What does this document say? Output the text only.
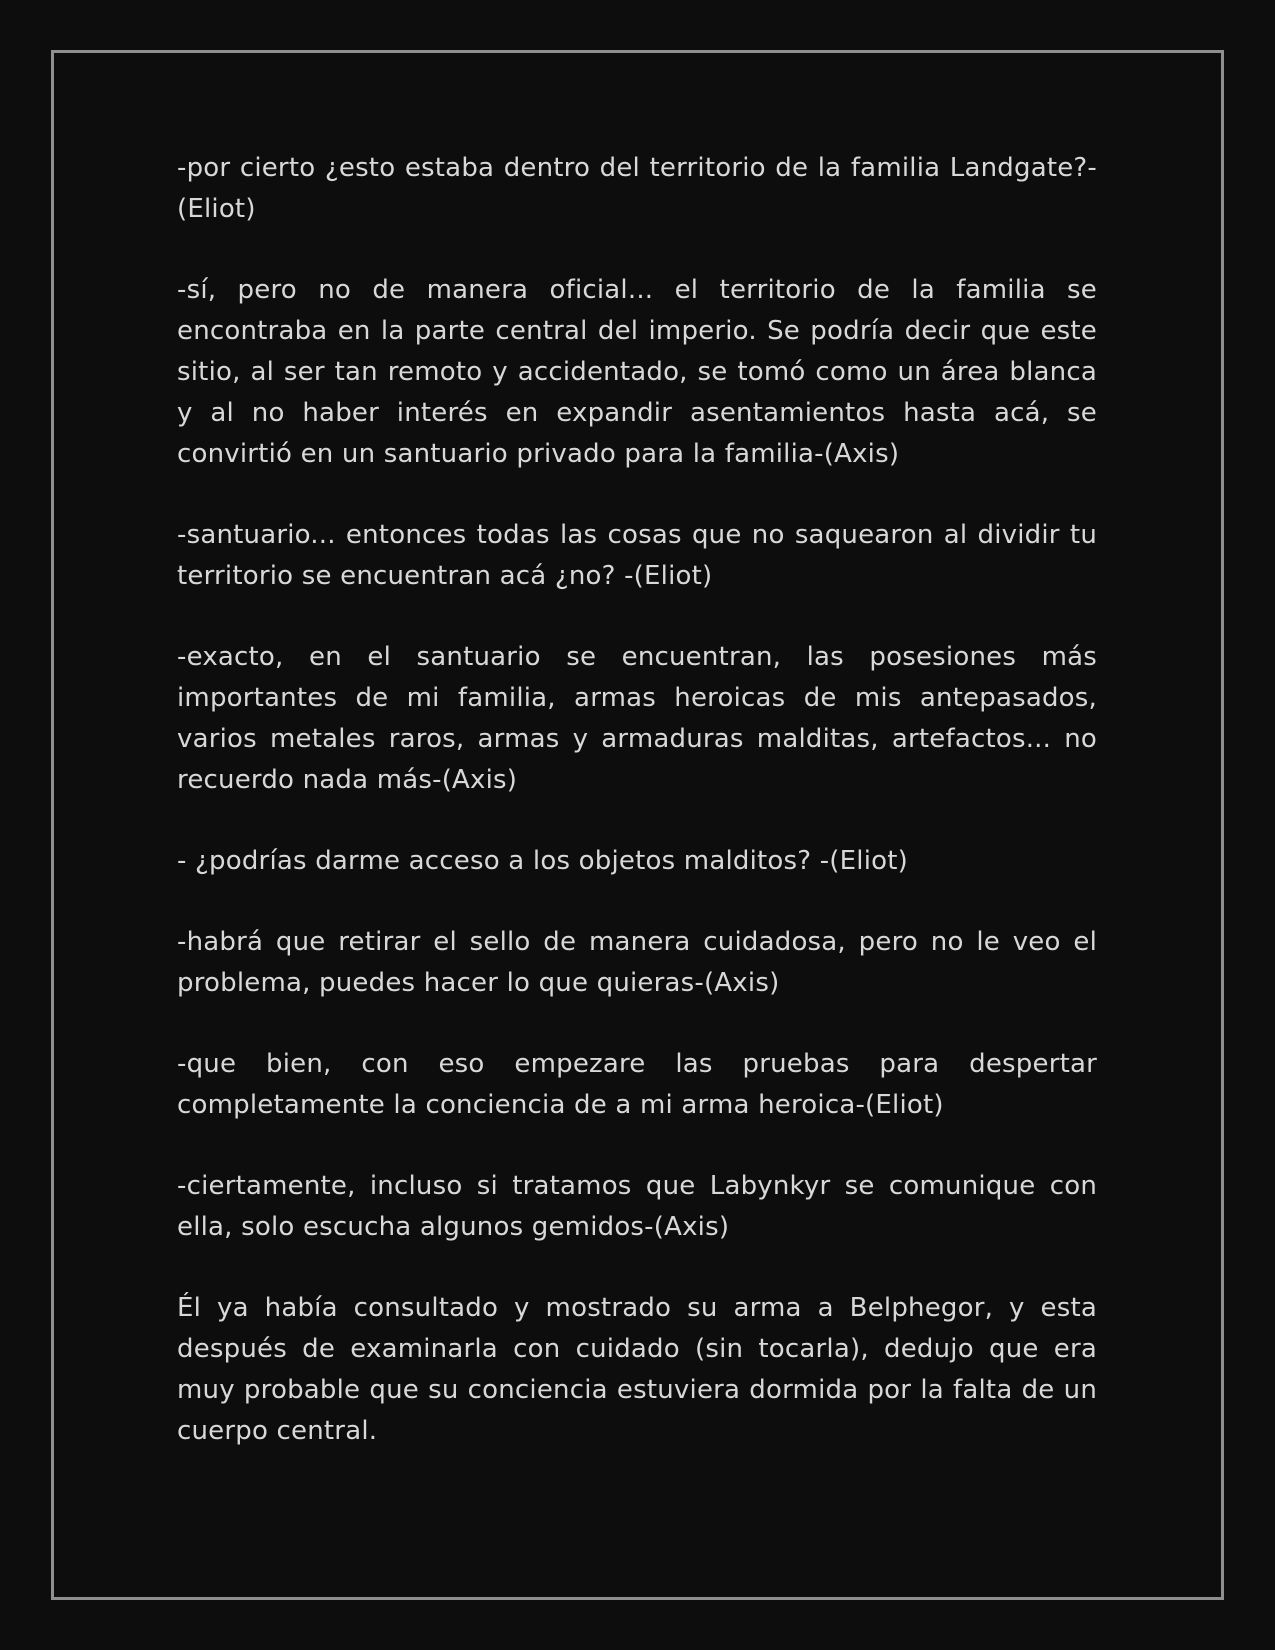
-por cierto ¿esto estaba dentro del territorio de la familia Landgate?-(Eliot)

-sí, pero no de manera oficial... el territorio de la familia se encontraba en la parte central del imperio. Se podría decir que este sitio, al ser tan remoto y accidentado, se tomó como un área blanca y al no haber interés en expandir asentamientos hasta acá, se convirtió en un santuario privado para la familia-(Axis)

-santuario... entonces todas las cosas que no saquearon al dividir tu territorio se encuentran acá ¿no? -(Eliot)

-exacto, en el santuario se encuentran, las posesiones más importantes de mi familia, armas heroicas de mis antepasados, varios metales raros, armas y armaduras malditas, artefactos... no recuerdo nada más-(Axis)

- ¿podrías darme acceso a los objetos malditos? -(Eliot)

-habrá que retirar el sello de manera cuidadosa, pero no le veo el problema, puedes hacer lo que quieras-(Axis)

-que bien, con eso empezare las pruebas para despertar completamente la conciencia de a mi arma heroica-(Eliot)

-ciertamente, incluso si tratamos que Labynkyr se comunique con ella, solo escucha algunos gemidos-(Axis)

Él ya había consultado y mostrado su arma a Belphegor, y esta después de examinarla con cuidado (sin tocarla), dedujo que era muy probable que su conciencia estuviera dormida por la falta de un cuerpo central.
